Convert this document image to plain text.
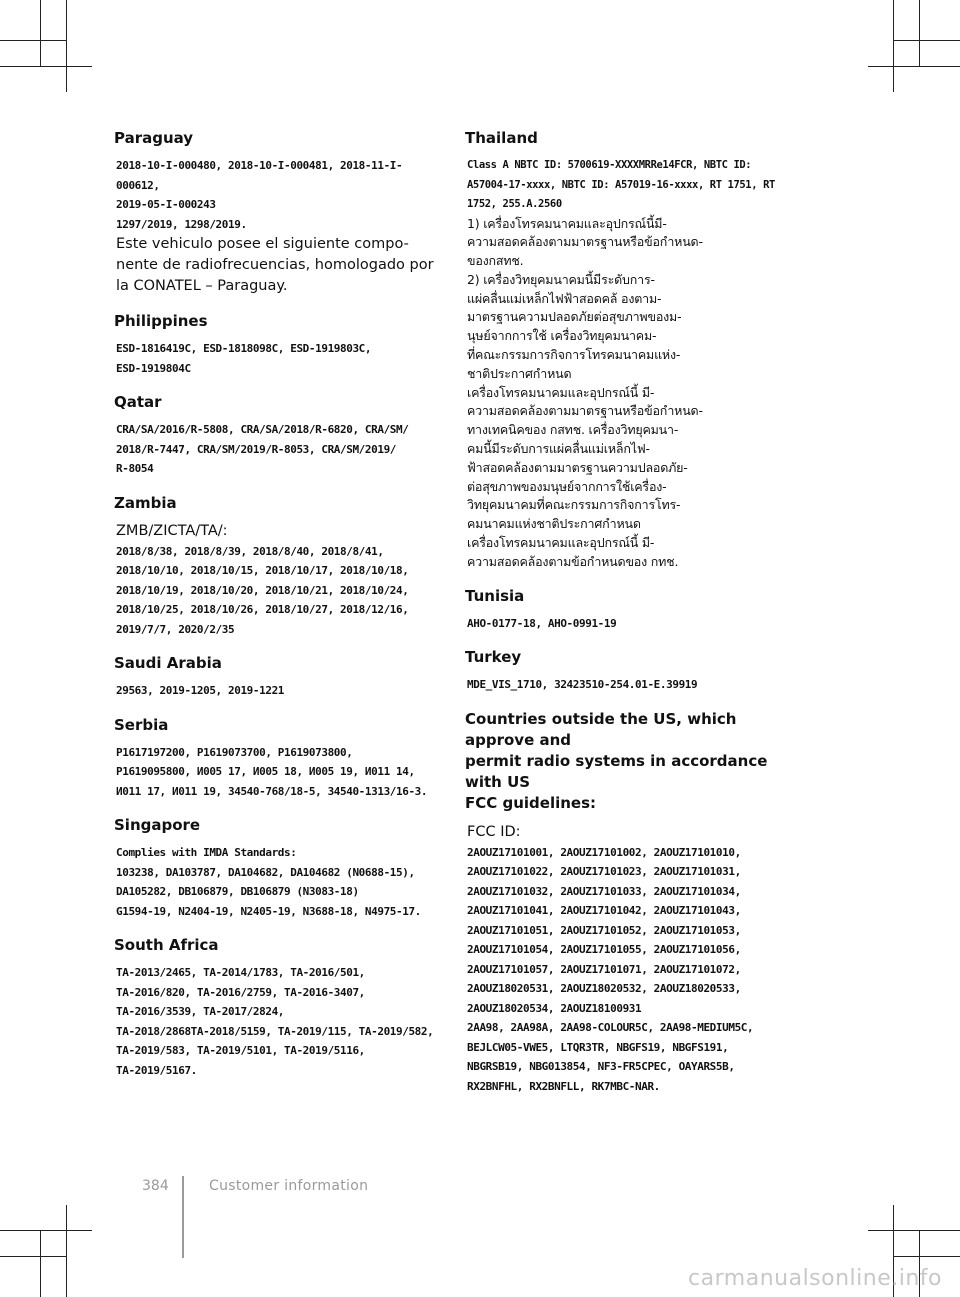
Paraguay
2018-10-I-000480, 2018-10-I-000481, 2018-11-I-000612,
2019-05-I-000243
1297/2019, 1298/2019.
Este vehiculo posee el siguiente compo-
nente de radiofrecuencias, homologado por
la CONATEL – Paraguay.
Philippines
ESD-1816419C, ESD-1818098C, ESD-1919803C,
ESD-1919804C
Qatar
CRA/SA/2016/R-5808, CRA/SA/2018/R-6820, CRA/SM/
2018/R-7447, CRA/SM/2019/R-8053, CRA/SM/2019/
R-8054
Zambia
ZMB/ZICTA/TA/:
2018/8/38, 2018/8/39, 2018/8/40, 2018/8/41,
2018/10/10, 2018/10/15, 2018/10/17, 2018/10/18,
2018/10/19, 2018/10/20, 2018/10/21, 2018/10/24,
2018/10/25, 2018/10/26, 2018/10/27, 2018/12/16,
2019/7/7, 2020/2/35
Saudi Arabia
29563, 2019-1205, 2019-1221
Serbia
P1617197200, P1619073700, P1619073800,
P1619095800, И005 17, И005 18, И005 19, И011 14,
И011 17, И011 19, 34540-768/18-5, 34540-1313/16-3.
Singapore
Complies with IMDA Standards:
103238, DA103787, DA104682, DA104682 (N0688-15),
DA105282, DB106879, DB106879 (N3083-18)
G1594-19, N2404-19, N2405-19, N3688-18, N4975-17.
South Africa
TA-2013/2465, TA-2014/1783, TA-2016/501,
TA-2016/820, TA-2016/2759, TA-2016-3407,
TA-2016/3539, TA-2017/2824,
TA-2018/2868TA-2018/5159, TA-2019/115, TA-2019/582,
TA-2019/583, TA-2019/5101, TA-2019/5116,
TA-2019/5167.
Thailand
Class A NBTC ID: 5700619-XXXXMRRe14FCR, NBTC ID:
A57004-17-xxxx, NBTC ID: A57019-16-xxxx, RT 1751, RT
1752, 255.A.2560
1) เครื่องโทรคมนาคมและอุปกรณ์นี้มี-
ความสอดคล้องตามมาตรฐานหรือข้อกำหนด-
ของกสทช.
2) เครื่องวิทยุคมนาคมนี้มีระดับการ-
แผ่คลื่นแม่เหล็กไฟฟ้าสอดคล้ องตาม-
มาตรฐานความปลอดภัยต่อสุขภาพของม-
นุษย์จากการใช้ เครื่องวิทยุคมนาคม-
ที่คณะกรรมการกิจการโทรคมนาคมแห่ง-
ชาติประกาศกำหนด
เครื่องโทรคมนาคมและอุปกรณ์นี้ มี-
ความสอดคล้องตามมาตรฐานหรือข้อกำหนด-
ทางเทคนิคของ กสทช. เครื่องวิทยุคมนา-
คมนี้มีระดับการแผ่คลื่นแม่เหล็กไฟ-
ฟ้าสอดคล้องตามมาตรฐานความปลอดภัย-
ต่อสุขภาพของมนุษย์จากการใช้เครื่อง-
วิทยุคมนาคมที่คณะกรรมการกิจการโทร-
คมนาคมแห่งชาติประกาศกำหนด
เครื่องโทรคมนาคมและอุปกรณ์นี้ มี-
ความสอดคล้องตามข้อกำหนดของ กทช.
Tunisia
AHO-0177-18, AHO-0991-19
Turkey
MDE_VIS_1710, 32423510-254.01-E.39919
Countries outside the US, which approve and
permit radio systems in accordance with US
FCC guidelines:
FCC ID:
2AOUZ17101001, 2AOUZ17101002, 2AOUZ17101010,
2AOUZ17101022, 2AOUZ17101023, 2AOUZ17101031,
2AOUZ17101032, 2AOUZ17101033, 2AOUZ17101034,
2AOUZ17101041, 2AOUZ17101042, 2AOUZ17101043,
2AOUZ17101051, 2AOUZ17101052, 2AOUZ17101053,
2AOUZ17101054, 2AOUZ17101055, 2AOUZ17101056,
2AOUZ17101057, 2AOUZ17101071, 2AOUZ17101072,
2AOUZ18020531, 2AOUZ18020532, 2AOUZ18020533,
2AOUZ18020534, 2AOUZ18100931
2AA98, 2AA98A, 2AA98-COLOUR5C, 2AA98-MEDIUM5C,
BEJLCW05-VWE5, LTQR3TR, NBGFS19, NBGFS191,
NBGRSB19, NBG013854, NF3-FR5CPEC, OAYARS5B,
RX2BNFHL, RX2BNFLL, RK7MBC-NAR.
384	Customer information
carmanualsonline.info
